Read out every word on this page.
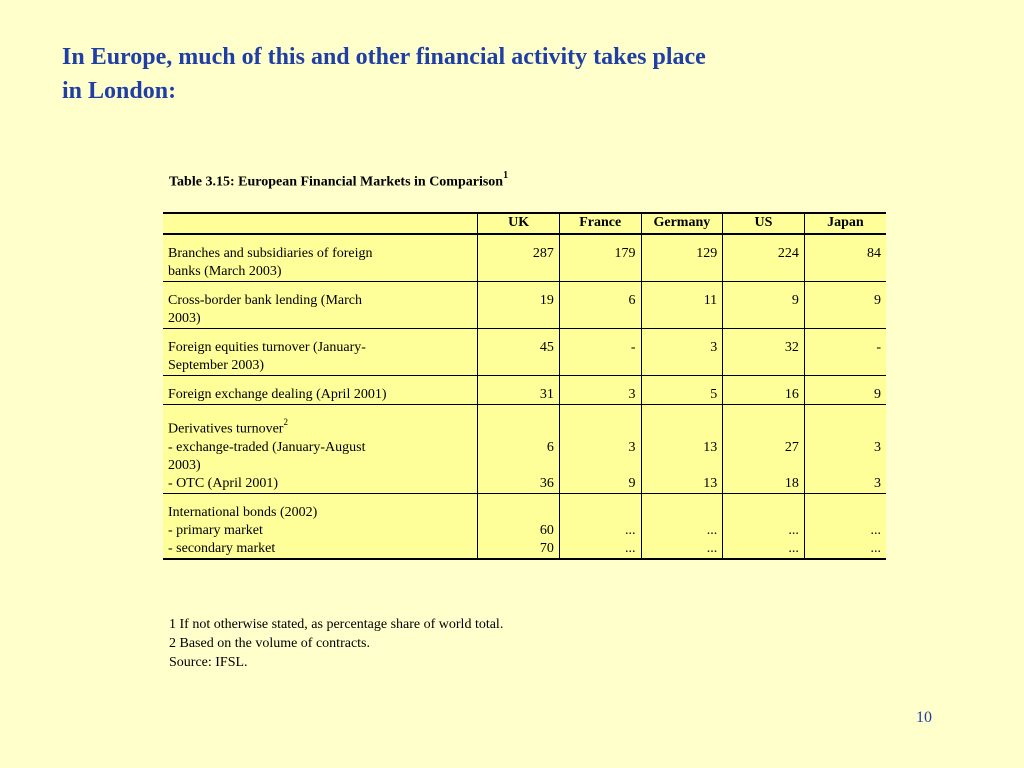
In Europe, much of this and other financial activity takes place
in London:
Table 3.15: European Financial Markets in Comparison$^1$
	UK	France	Germany	US	Japan

Branches and subsidiaries of foreign
banks (March 2003)	287	179	129	224	84

Cross-border bank lending (March
2003)	19	6	11	9	9

Foreign equities turnover (January-
September 2003)	45	-	3	32	-

Foreign exchange dealing (April 2001)	31	3	5	16	9

Derivatives turnover$^2$					
- exchange-traded (January-August
2003)	6	3	13	27	3
- OTC (April 2001)	36	9	13	18	3

International bonds (2002)					
- primary market	60	...	...	...	...
- secondary market	70	...	...	...	...
1 If not otherwise stated, as percentage share of world total.
2 Based on the volume of contracts.
Source: IFSL.
10
